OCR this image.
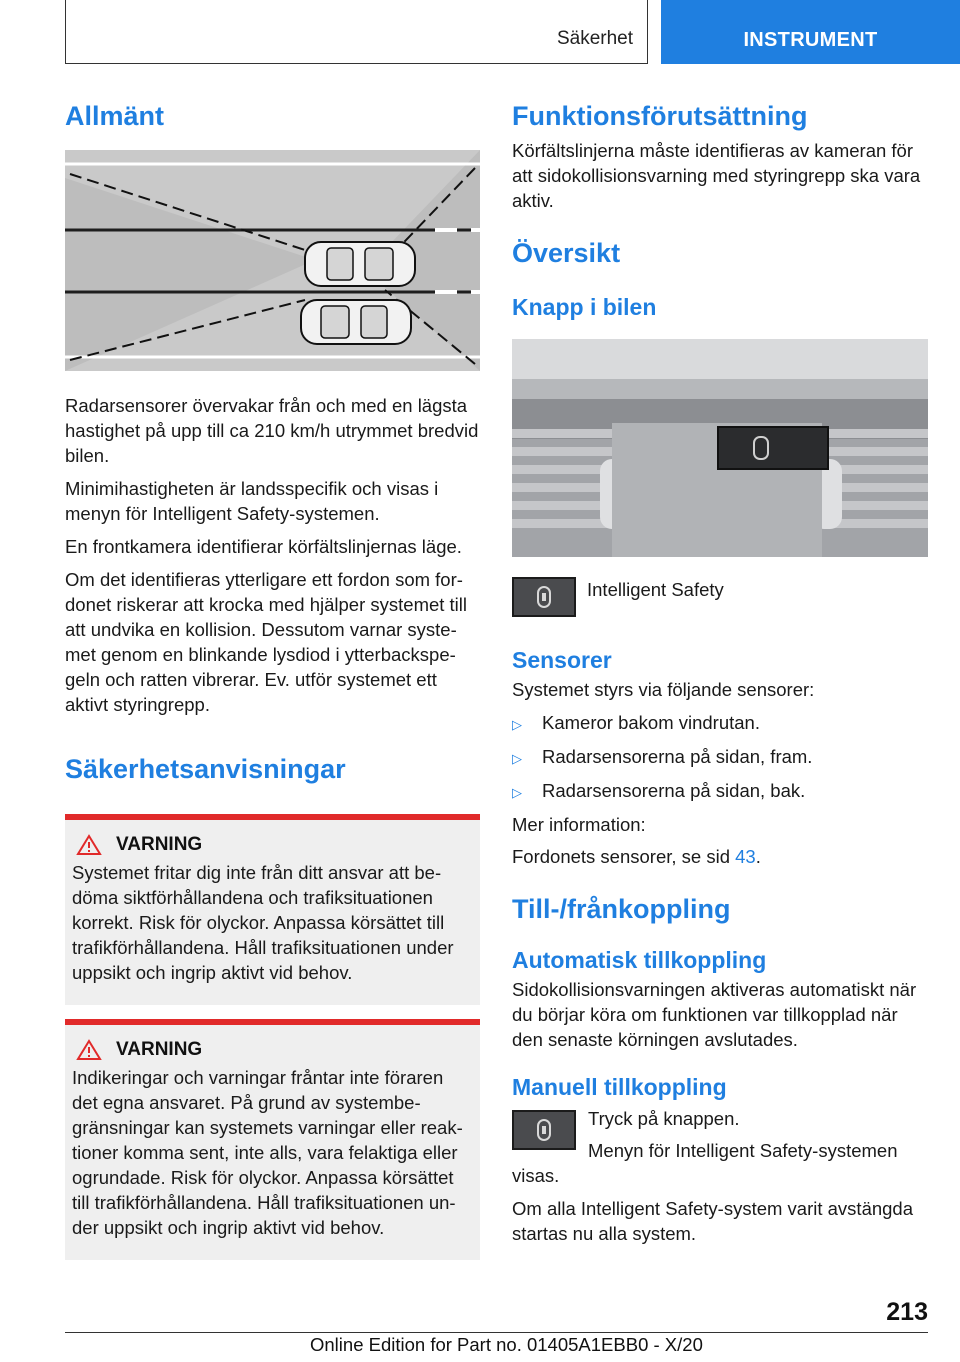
Säkerhet	INSTRUMENT
Allmänt

Radarsensorer övervakar från och med en lägsta hastighet på upp till ca 210 km/h utrymmet bredvid bilen.

Minimihastigheten är landsspecifik och visas i menyn för Intelligent Safety-systemen.

En frontkamera identifierar körfältslinjernas läge.

Om det identifieras ytterligare ett fordon som fordonet riskerar att krocka med hjälper systemet till att undvika en kollision. Dessutom varnar systemet genom en blinkande lysdiod i ytterbackspegeln och ratten vibrerar. Ev. utför systemet ett aktivt styringrepp.

Säkerhetsanvisningar
VARNING

Systemet fritar dig inte från ditt ansvar att bedöma siktförhållandena och trafiksituationen korrekt. Risk för olyckor. Anpassa körsättet till trafikförhållandena. Håll trafiksituationen under uppsikt och ingrip aktivt vid behov.

VARNING

Indikeringar och varningar fråntar inte föraren det egna ansvaret. På grund av systembegränsningar kan systemets varningar eller reaktioner komma sent, inte alls, vara felaktiga eller ogrundade. Risk för olyckor. Anpassa körsättet till trafikförhållandena. Håll trafiksituationen under uppsikt och ingrip aktivt vid behov.

Funktionsförutsättning

Körfältslinjerna måste identifieras av kameran för att sidokollisionsvarning med styringrepp ska vara aktiv.

Översikt
Knapp i bilen

Intelligent Safety

Sensorer

Systemet styrs via följande sensorer:

▷	Kameror bakom vindrutan.
▷	Radarsensorerna på sidan, fram.
▷	Radarsensorerna på sidan, bak.

Mer information:

Fordonets sensorer, se sid 43.

Till-/frånkoppling
Automatisk tillkoppling

Sidokollisionsvarningen aktiveras automatiskt när du börjar köra om funktionen var tillkopplad när den senaste körningen avslutades.

Manuell tillkoppling

Tryck på knappen.

Menyn för Intelligent Safety-systemen visas.

Om alla Intelligent Safety-system varit avstängda startas nu alla system.

213
Online Edition for Part no. 01405A1EBB0 - X/20
